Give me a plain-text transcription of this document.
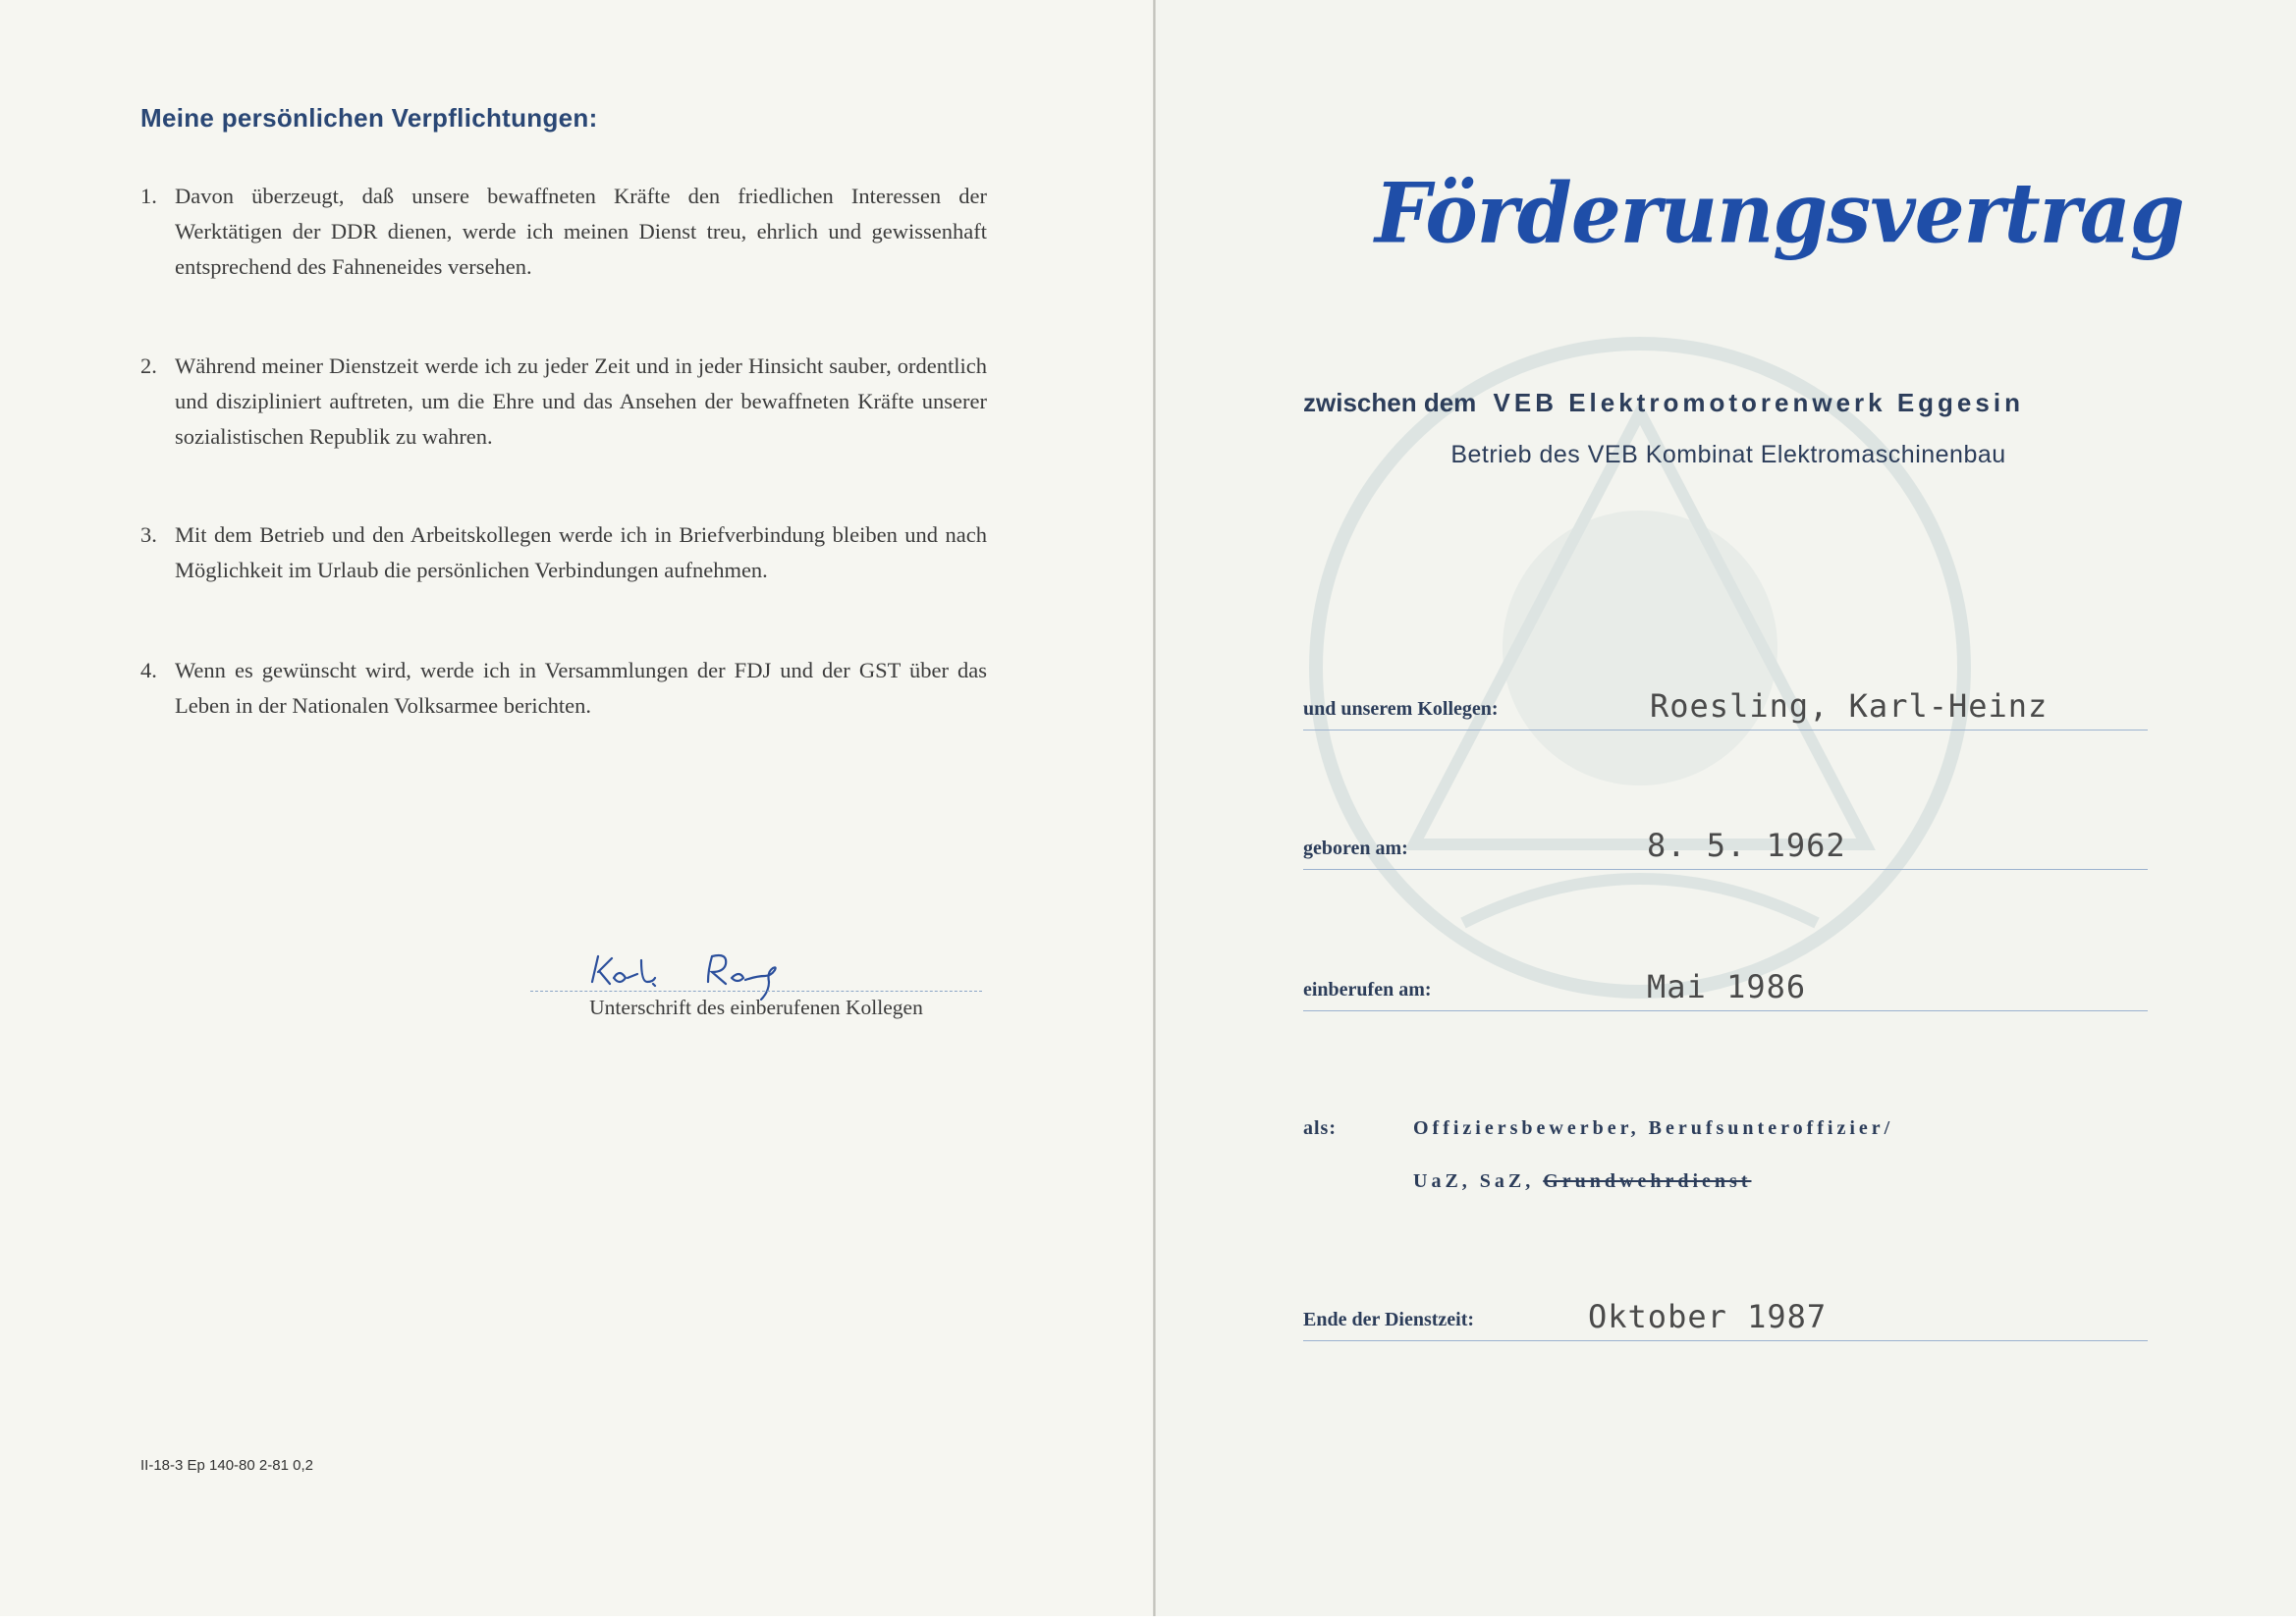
Meine persönlichen Verpflichtungen:
1. Davon überzeugt, daß unsere bewaffneten Kräfte den friedlichen Interessen der Werktätigen der DDR dienen, werde ich meinen Dienst treu, ehrlich und gewissenhaft entsprechend des Fahneneides versehen.
2. Während meiner Dienstzeit werde ich zu jeder Zeit und in jeder Hinsicht sauber, ordentlich und diszipliniert auftreten, um die Ehre und das Ansehen der bewaffneten Kräfte unserer sozialistischen Republik zu wahren.
3. Mit dem Betrieb und den Arbeitskollegen werde ich in Briefverbindung bleiben und nach Möglichkeit im Urlaub die persönlichen Verbindungen aufnehmen.
4. Wenn es gewünscht wird, werde ich in Versammlungen der FDJ und der GST über das Leben in der Nationalen Volksarmee berichten.
Unterschrift des einberufenen Kollegen
II-18-3 Ep 140-80 2-81 0,2
Förderungsvertrag
zwischen dem VEB Elektromotorenwerk Eggesin
Betrieb des VEB Kombinat Elektromaschinenbau
und unserem Kollegen:	Roesling, Karl-Heinz
geboren am:	8. 5. 1962
einberufen am:	Mai 1986
als:	Offiziersbewerber, Berufsunteroffizier/
UaZ, SaZ, Grundwehrdienst
Ende der Dienstzeit:	Oktober 1987
